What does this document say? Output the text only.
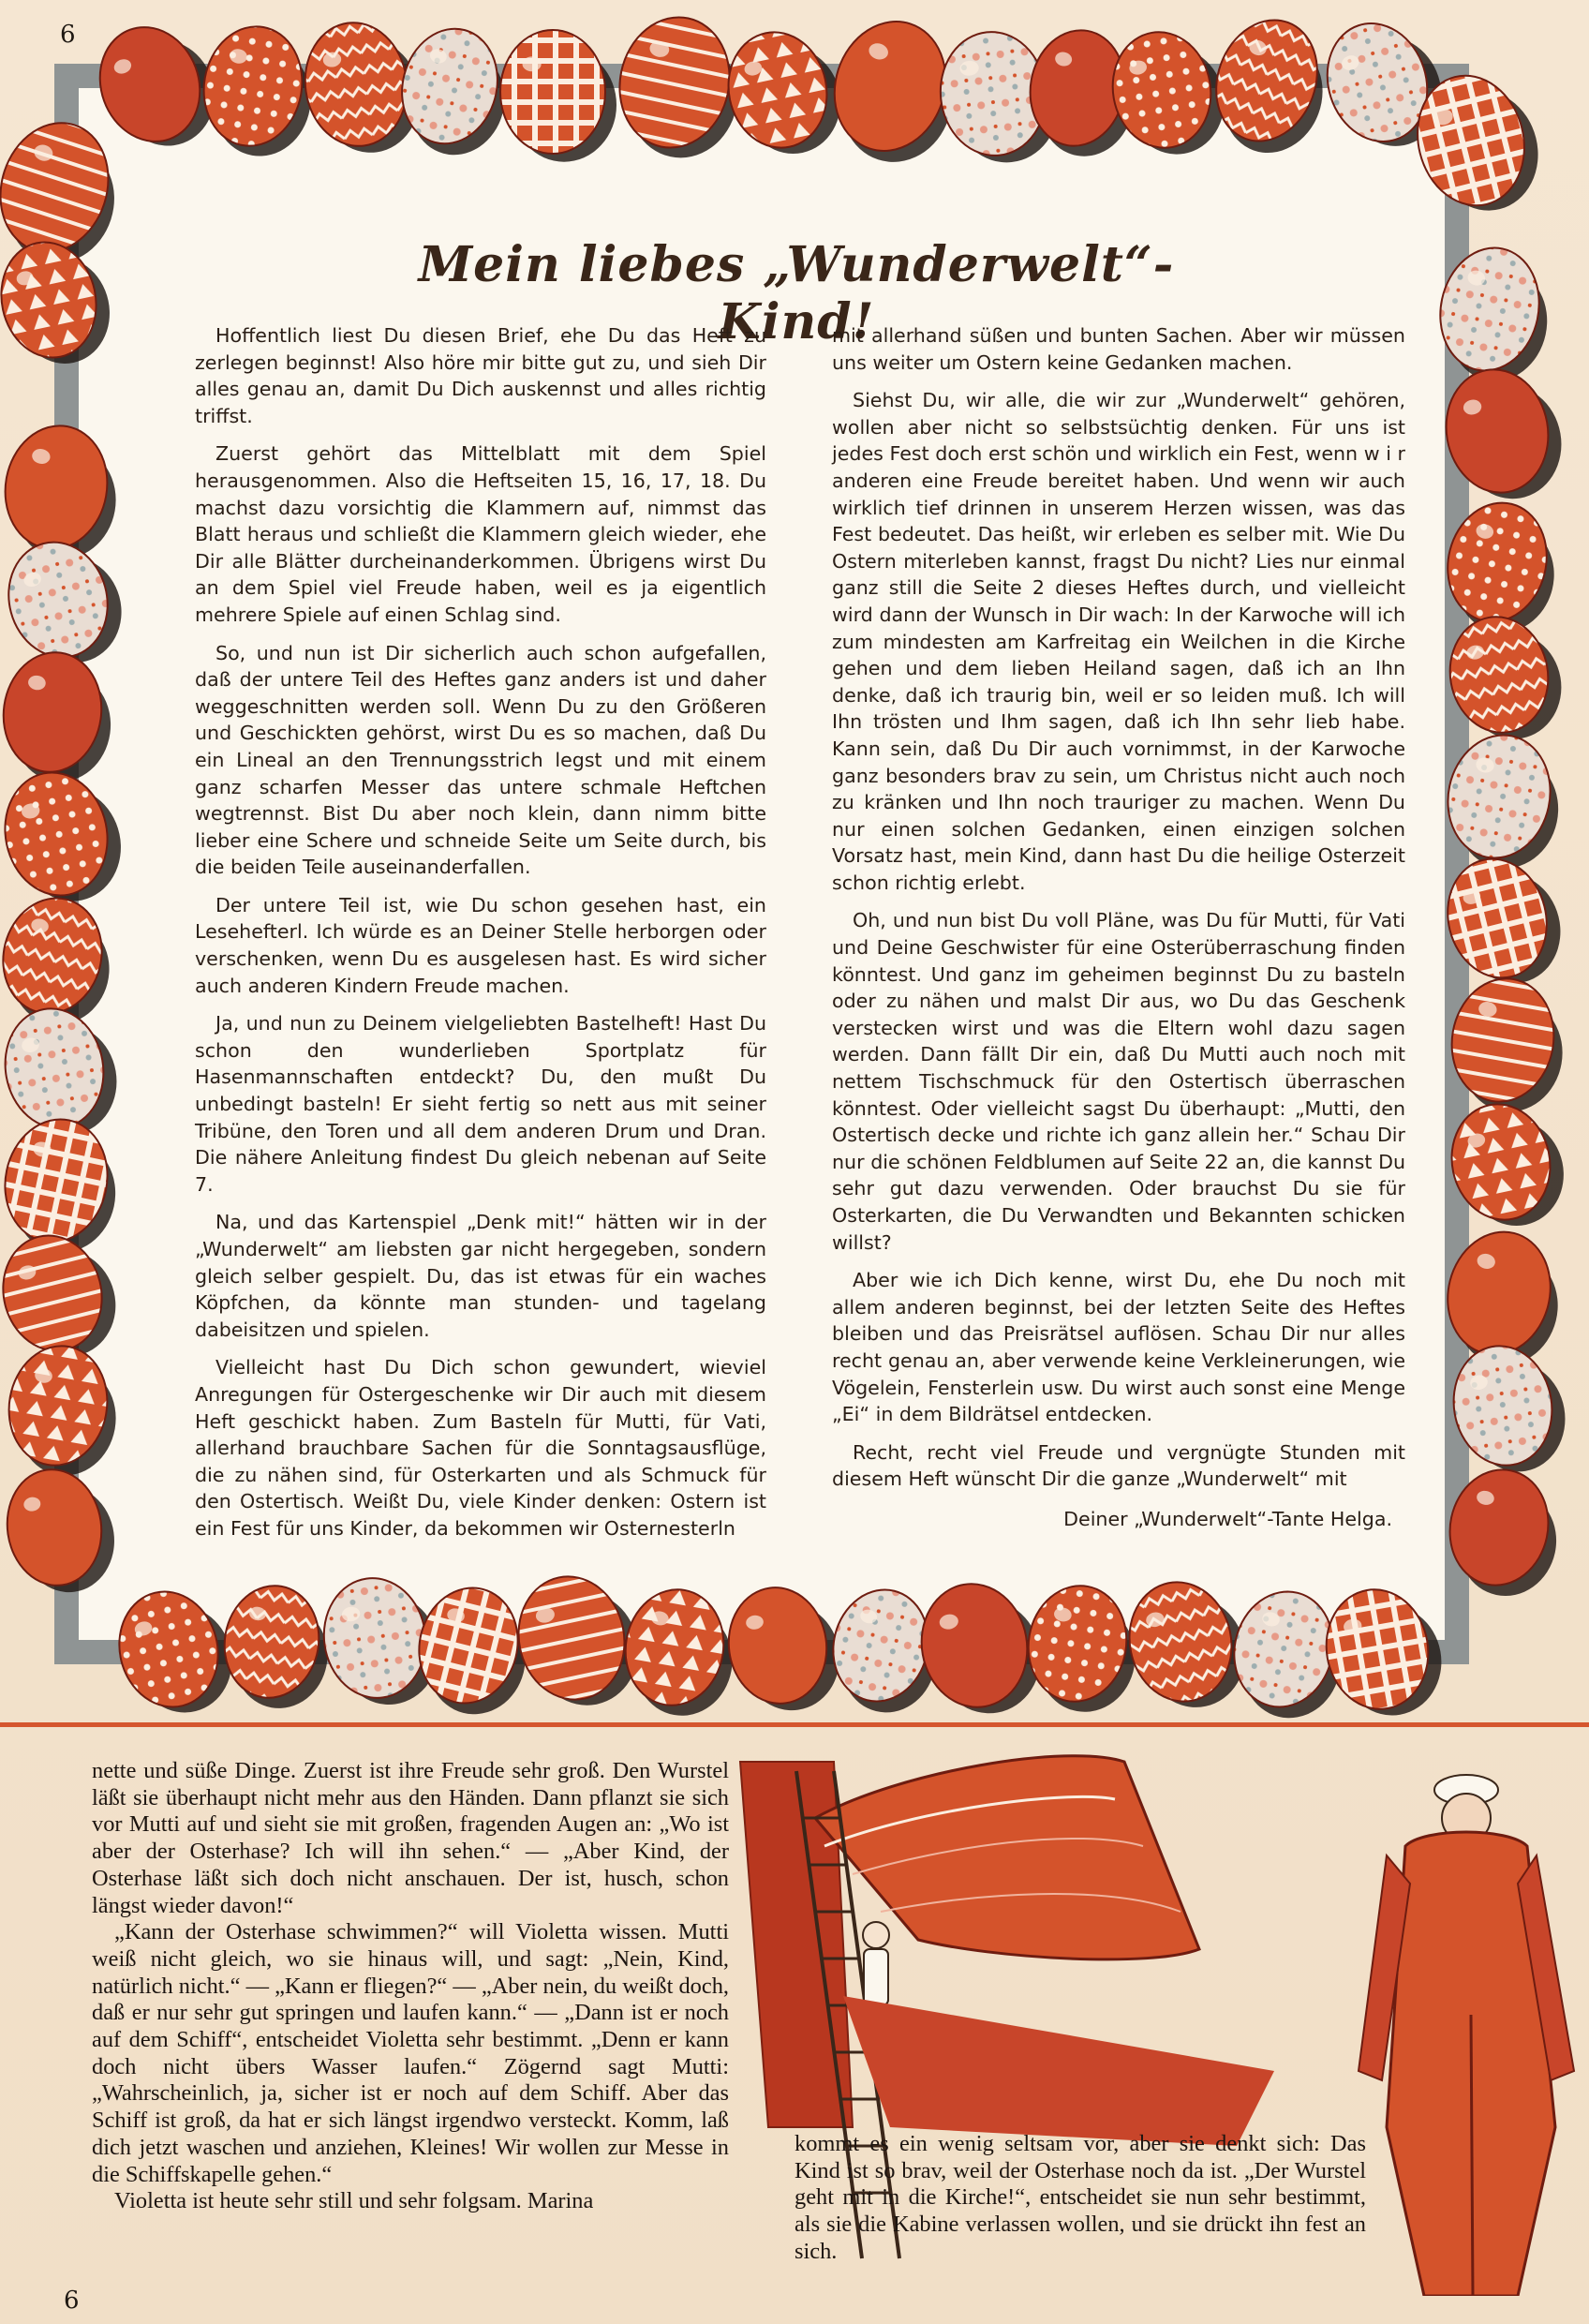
6
Mein liebes „Wunderwelt“-Kind!

Hoffentlich liest Du diesen Brief, ehe Du das Heft zu zerlegen beginnst! Also höre mir bitte gut zu, und sieh Dir alles genau an, damit Du Dich auskennst und alles richtig triffst.

Zuerst gehört das Mittelblatt mit dem Spiel herausgenommen. Also die Heftseiten 15, 16, 17, 18. Du machst dazu vorsichtig die Klammern auf, nimmst das Blatt heraus und schließt die Klammern gleich wieder, ehe Dir alle Blätter durcheinanderkommen. Übrigens wirst Du an dem Spiel viel Freude haben, weil es ja eigentlich mehrere Spiele auf einen Schlag sind.

So, und nun ist Dir sicherlich auch schon aufgefallen, daß der untere Teil des Heftes ganz anders ist und daher weggeschnitten werden soll. Wenn Du zu den Größeren und Geschickten gehörst, wirst Du es so machen, daß Du ein Lineal an den Trennungsstrich legst und mit einem ganz scharfen Messer das untere schmale Heftchen wegtrennst. Bist Du aber noch klein, dann nimm bitte lieber eine Schere und schneide Seite um Seite durch, bis die beiden Teile auseinanderfallen.

Der untere Teil ist, wie Du schon gesehen hast, ein Lesehefterl. Ich würde es an Deiner Stelle herborgen oder verschenken, wenn Du es ausgelesen hast. Es wird sicher auch anderen Kindern Freude machen.

Ja, und nun zu Deinem vielgeliebten Bastelheft! Hast Du schon den wunderlieben Sportplatz für Hasenmannschaften entdeckt? Du, den mußt Du unbedingt basteln! Er sieht fertig so nett aus mit seiner Tribüne, den Toren und all dem anderen Drum und Dran. Die nähere Anleitung findest Du gleich nebenan auf Seite 7.

Na, und das Kartenspiel „Denk mit!“ hätten wir in der „Wunderwelt“ am liebsten gar nicht hergegeben, sondern gleich selber gespielt. Du, das ist etwas für ein waches Köpfchen, da könnte man stunden- und tagelang dabeisitzen und spielen.

Vielleicht hast Du Dich schon gewundert, wieviel Anregungen für Ostergeschenke wir Dir auch mit diesem Heft geschickt haben. Zum Basteln für Mutti, für Vati, allerhand brauchbare Sachen für die Sonntagsausflüge, die zu nähen sind, für Osterkarten und als Schmuck für den Ostertisch. Weißt Du, viele Kinder denken: Ostern ist ein Fest für uns Kinder, da bekommen wir Osternesterln

mit allerhand süßen und bunten Sachen. Aber wir müssen uns weiter um Ostern keine Gedanken machen.

Siehst Du, wir alle, die wir zur „Wunderwelt“ gehören, wollen aber nicht so selbstsüchtig denken. Für uns ist jedes Fest doch erst schön und wirklich ein Fest, wenn w i r anderen eine Freude bereitet haben. Und wenn wir auch wirklich tief drinnen in unserem Herzen wissen, was das Fest bedeutet. Das heißt, wir erleben es selber mit. Wie Du Ostern miterleben kannst, fragst Du nicht? Lies nur einmal ganz still die Seite 2 dieses Heftes durch, und vielleicht wird dann der Wunsch in Dir wach: In der Karwoche will ich zum mindesten am Karfreitag ein Weilchen in die Kirche gehen und dem lieben Heiland sagen, daß ich an Ihn denke, daß ich traurig bin, weil er so leiden muß. Ich will Ihn trösten und Ihm sagen, daß ich Ihn sehr lieb habe. Kann sein, daß Du Dir auch vornimmst, in der Karwoche ganz besonders brav zu sein, um Christus nicht auch noch zu kränken und Ihn noch trauriger zu machen. Wenn Du nur einen solchen Gedanken, einen einzigen solchen Vorsatz hast, mein Kind, dann hast Du die heilige Osterzeit schon richtig erlebt.

Oh, und nun bist Du voll Pläne, was Du für Mutti, für Vati und Deine Geschwister für eine Osterüberraschung finden könntest. Und ganz im geheimen beginnst Du zu basteln oder zu nähen und malst Dir aus, wo Du das Geschenk verstecken wirst und was die Eltern wohl dazu sagen werden. Dann fällt Dir ein, daß Du Mutti auch noch mit nettem Tischschmuck für den Ostertisch überraschen könntest. Oder vielleicht sagst Du überhaupt: „Mutti, den Ostertisch decke und richte ich ganz allein her.“ Schau Dir nur die schönen Feldblumen auf Seite 22 an, die kannst Du sehr gut dazu verwenden. Oder brauchst Du sie für Osterkarten, die Du Verwandten und Bekannten schicken willst?

Aber wie ich Dich kenne, wirst Du, ehe Du noch mit allem anderen beginnst, bei der letzten Seite des Heftes bleiben und das Preisrätsel auflösen. Schau Dir nur alles recht genau an, aber verwende keine Verkleinerungen, wie Vögelein, Fensterlein usw. Du wirst auch sonst eine Menge „Ei“ in dem Bildrätsel entdecken.

Recht, recht viel Freude und vergnügte Stunden mit diesem Heft wünscht Dir die ganze „Wunderwelt“ mit

Deiner „Wunderwelt“-Tante Helga.

nette und süße Dinge. Zuerst ist ihre Freude sehr groß. Den Wurstel läßt sie überhaupt nicht mehr aus den Händen. Dann pflanzt sie sich vor Mutti auf und sieht sie mit großen, fragenden Augen an: „Wo ist aber der Osterhase? Ich will ihn sehen.“ — „Aber Kind, der Osterhase läßt sich doch nicht anschauen. Der ist, husch, schon längst wieder davon!“

„Kann der Osterhase schwimmen?“ will Violetta wissen. Mutti weiß nicht gleich, wo sie hinaus will, und sagt: „Nein, Kind, natürlich nicht.“ — „Kann er fliegen?“ — „Aber nein, du weißt doch, daß er nur sehr gut springen und laufen kann.“ — „Dann ist er noch auf dem Schiff“, entscheidet Violetta sehr bestimmt. „Denn er kann doch nicht übers Wasser laufen.“ Zögernd sagt Mutti: „Wahrscheinlich, ja, sicher ist er noch auf dem Schiff. Aber das Schiff ist groß, da hat er sich längst irgendwo versteckt. Komm, laß dich jetzt waschen und anziehen, Kleines! Wir wollen zur Messe in die Schiffskapelle gehen.“

Violetta ist heute sehr still und sehr folgsam. Marina

kommt es ein wenig seltsam vor, aber sie denkt sich: Das Kind ist so brav, weil der Osterhase noch da ist. „Der Wurstel geht mit in die Kirche!“, entscheidet sie nun sehr bestimmt, als sie die Kabine verlassen wollen, und sie drückt ihn fest an sich.

6
